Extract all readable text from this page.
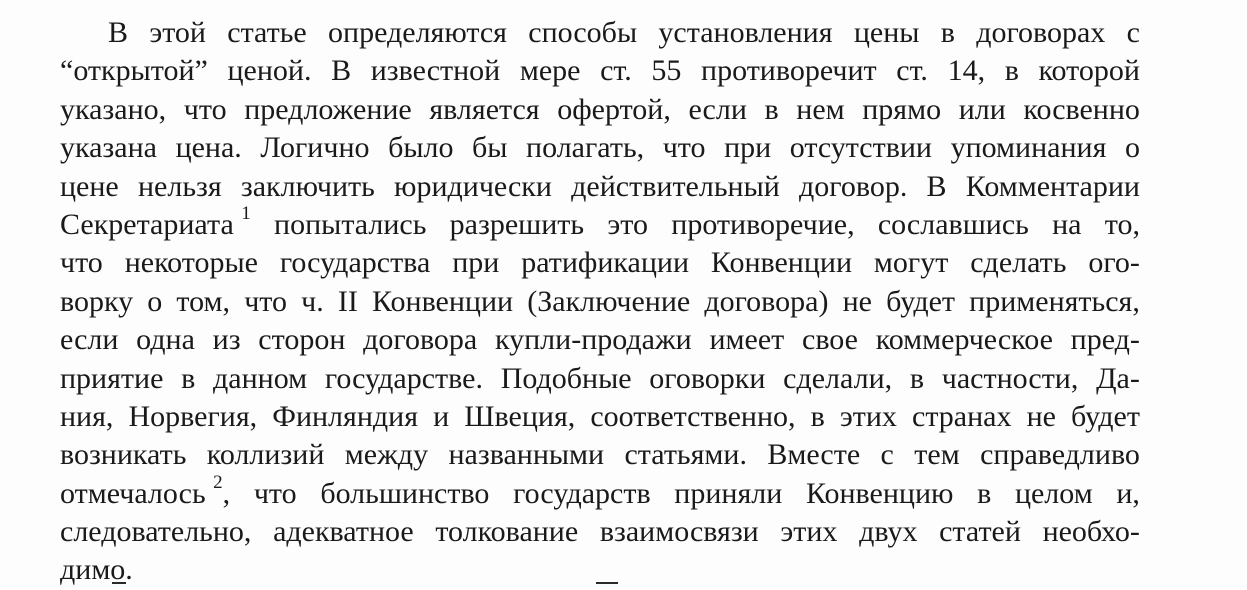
В этой статье определяются способы установления цены в договорах с
“открытой” ценой. В известной мере ст. 55 противоречит ст. 14, в которой
указано, что предложение является офертой, если в нем прямо или косвенно
указана цена. Логично было бы полагать, что при отсутствии упоминания о
цене нельзя заключить юридически действительный договор. В Комментарии
Секретариата $^1$ попытались разрешить это противоречие, сославшись на то,
что некоторые государства при ратификации Конвенции могут сделать ого-
ворку о том, что ч. II Конвенции (Заключение договора) не будет применяться,
если одна из сторон договора купли-продажи имеет свое коммерческое пред-
приятие в данном государстве. Подобные оговорки сделали, в частности, Да-
ния, Норвегия, Финляндия и Швеция, соответственно, в этих странах не будет
возникать коллизий между названными статьями. Вместе с тем справедливо
отмечалось $^2$, что большинство государств приняли Конвенцию в целом и,
следовательно, адекватное толкование взаимосвязи этих двух статей необхо-
димо.
